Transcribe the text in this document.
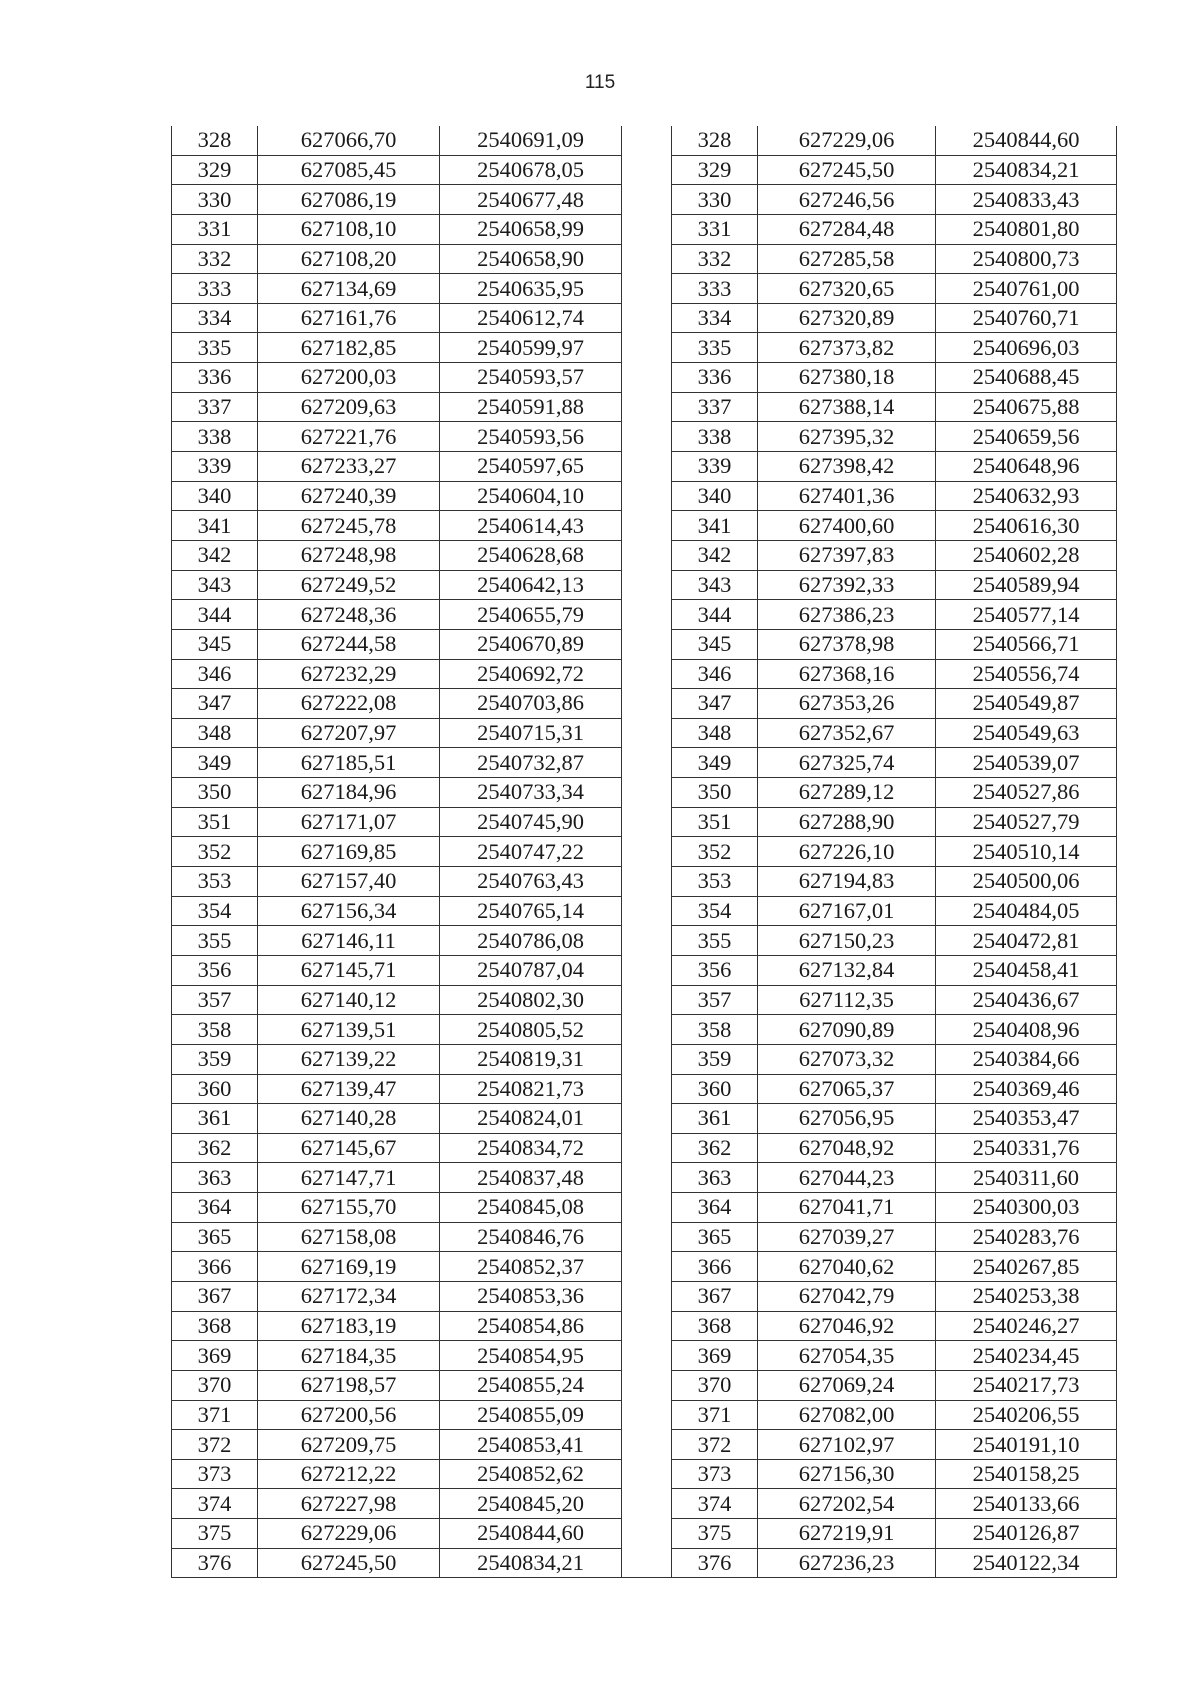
115
328	627066,70	2540691,09		328	627229,06	2540844,60
329	627085,45	2540678,05		329	627245,50	2540834,21
330	627086,19	2540677,48		330	627246,56	2540833,43
331	627108,10	2540658,99		331	627284,48	2540801,80
332	627108,20	2540658,90		332	627285,58	2540800,73
333	627134,69	2540635,95		333	627320,65	2540761,00
334	627161,76	2540612,74		334	627320,89	2540760,71
335	627182,85	2540599,97		335	627373,82	2540696,03
336	627200,03	2540593,57		336	627380,18	2540688,45
337	627209,63	2540591,88		337	627388,14	2540675,88
338	627221,76	2540593,56		338	627395,32	2540659,56
339	627233,27	2540597,65		339	627398,42	2540648,96
340	627240,39	2540604,10		340	627401,36	2540632,93
341	627245,78	2540614,43		341	627400,60	2540616,30
342	627248,98	2540628,68		342	627397,83	2540602,28
343	627249,52	2540642,13		343	627392,33	2540589,94
344	627248,36	2540655,79		344	627386,23	2540577,14
345	627244,58	2540670,89		345	627378,98	2540566,71
346	627232,29	2540692,72		346	627368,16	2540556,74
347	627222,08	2540703,86		347	627353,26	2540549,87
348	627207,97	2540715,31		348	627352,67	2540549,63
349	627185,51	2540732,87		349	627325,74	2540539,07
350	627184,96	2540733,34		350	627289,12	2540527,86
351	627171,07	2540745,90		351	627288,90	2540527,79
352	627169,85	2540747,22		352	627226,10	2540510,14
353	627157,40	2540763,43		353	627194,83	2540500,06
354	627156,34	2540765,14		354	627167,01	2540484,05
355	627146,11	2540786,08		355	627150,23	2540472,81
356	627145,71	2540787,04		356	627132,84	2540458,41
357	627140,12	2540802,30		357	627112,35	2540436,67
358	627139,51	2540805,52		358	627090,89	2540408,96
359	627139,22	2540819,31		359	627073,32	2540384,66
360	627139,47	2540821,73		360	627065,37	2540369,46
361	627140,28	2540824,01		361	627056,95	2540353,47
362	627145,67	2540834,72		362	627048,92	2540331,76
363	627147,71	2540837,48		363	627044,23	2540311,60
364	627155,70	2540845,08		364	627041,71	2540300,03
365	627158,08	2540846,76		365	627039,27	2540283,76
366	627169,19	2540852,37		366	627040,62	2540267,85
367	627172,34	2540853,36		367	627042,79	2540253,38
368	627183,19	2540854,86		368	627046,92	2540246,27
369	627184,35	2540854,95		369	627054,35	2540234,45
370	627198,57	2540855,24		370	627069,24	2540217,73
371	627200,56	2540855,09		371	627082,00	2540206,55
372	627209,75	2540853,41		372	627102,97	2540191,10
373	627212,22	2540852,62		373	627156,30	2540158,25
374	627227,98	2540845,20		374	627202,54	2540133,66
375	627229,06	2540844,60		375	627219,91	2540126,87
376	627245,50	2540834,21		376	627236,23	2540122,34
